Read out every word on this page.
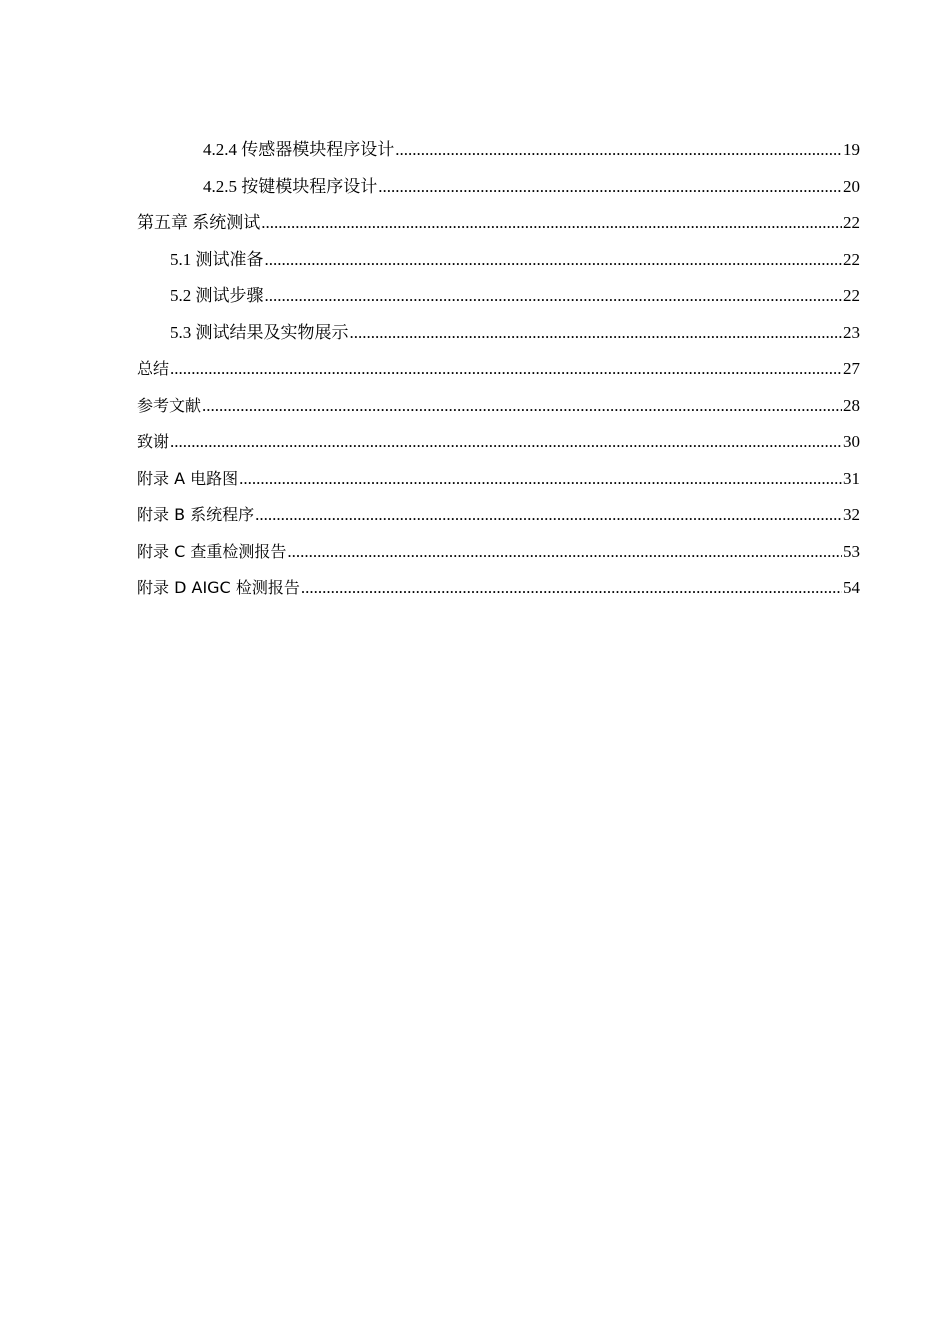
4.2.4 传感器模块程序设计 .....	19
4.2.5 按键模块程序设计 .....	20
第五章 系统测试 .....	22
5.1 测试准备 .....	22
5.2 测试步骤 .....	22
5.3 测试结果及实物展示 .....	23
总结 .....	27
参考文献 .....	28
致谢 .....	30
附录 A 电路图 .....	31
附录 B 系统程序 .....	32
附录 C 查重检测报告 .....	53
附录 D AIGC 检测报告 .....	54
